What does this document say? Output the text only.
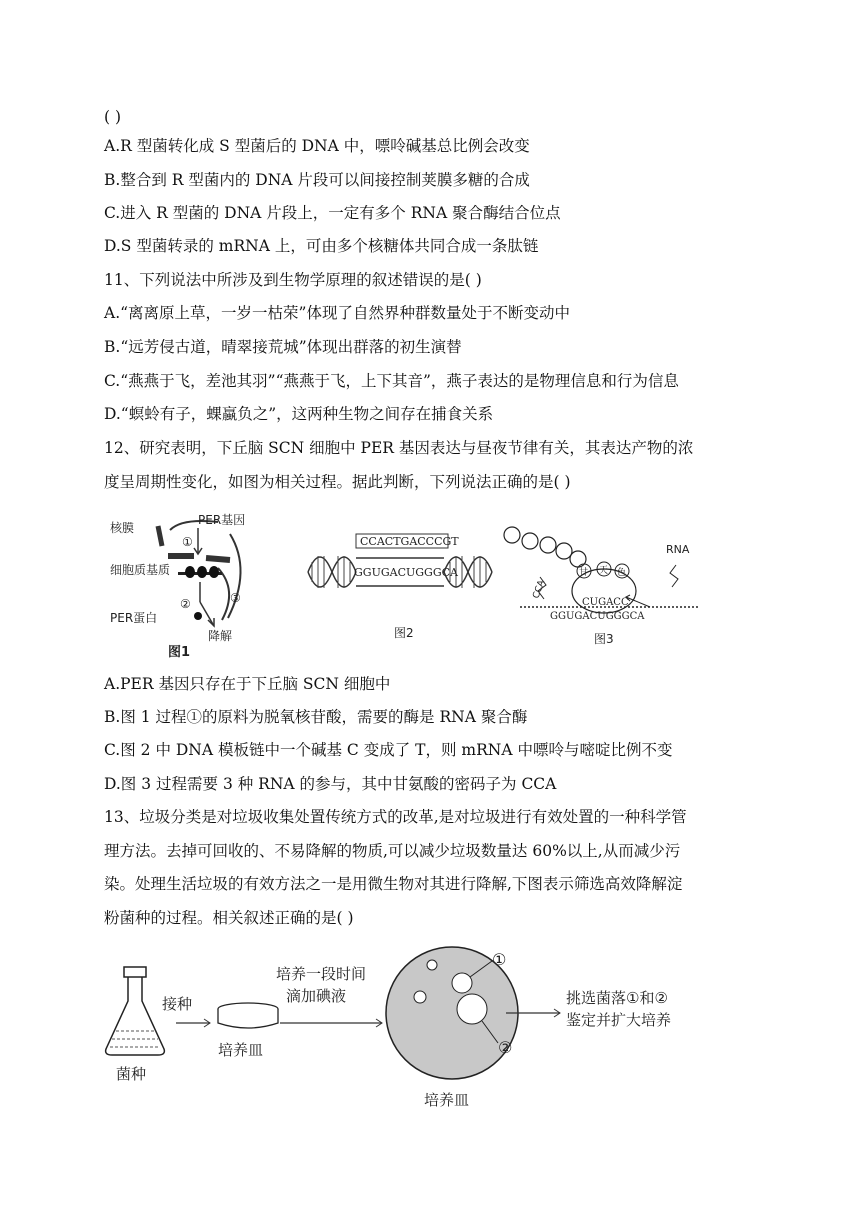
( )
A.R 型菌转化成 S 型菌后的 DNA 中，嘌呤碱基总比例会改变
B.整合到 R 型菌内的 DNA 片段可以间接控制荚膜多糖的合成
C.进入 R 型菌的 DNA 片段上，一定有多个 RNA 聚合酶结合位点
D.S 型菌转录的 mRNA 上，可由多个核糖体共同合成一条肽链
11、下列说法中所涉及到生物学原理的叙述错误的是( )
A.“离离原上草，一岁一枯荣”体现了自然界种群数量处于不断变动中
B.“远芳侵古道，晴翠接荒城”体现出群落的初生演替
C.“燕燕于飞，差池其羽”“燕燕于飞，上下其音”，燕子表达的是物理信息和行为信息
D.“螟蛉有子，蜾蠃负之”，这两种生物之间存在捕食关系
12、研究表明，下丘脑 SCN 细胞中 PER 基因表达与昼夜节律有关，其表达产物的浓
度呈周期性变化，如图为相关过程。据此判断，下列说法正确的是( )
核膜
PER基因
①
细胞质基质
②	③
PER蛋白
降解
图1
CCACTGACCCGT
GGUGACUGGGCA
图2
甘 天 色
RNA
CCA
CUGACC
GGUGACUGGGCA
图3
A.PER 基因只存在于下丘脑 SCN 细胞中
B.图 1 过程①的原料为脱氧核苷酸，需要的酶是 RNA 聚合酶
C.图 2 中 DNA 模板链中一个碱基 C 变成了 T，则 mRNA 中嘌呤与嘧啶比例不变
D.图 3 过程需要 3 种 RNA 的参与，其中甘氨酸的密码子为 CCA
13、垃圾分类是对垃圾收集处置传统方式的改革,是对垃圾进行有效处置的一种科学管
理方法。去掉可回收的、不易降解的物质,可以减少垃圾数量达 60%以上,从而减少污
染。处理生活垃圾的有效方法之一是用微生物对其进行降解,下图表示筛选高效降解淀
粉菌种的过程。相关叙述正确的是( )
菌种
接种
培养皿
培养一段时间
滴加碘液
①
②
培养皿
挑选菌落①和②
鉴定并扩大培养
